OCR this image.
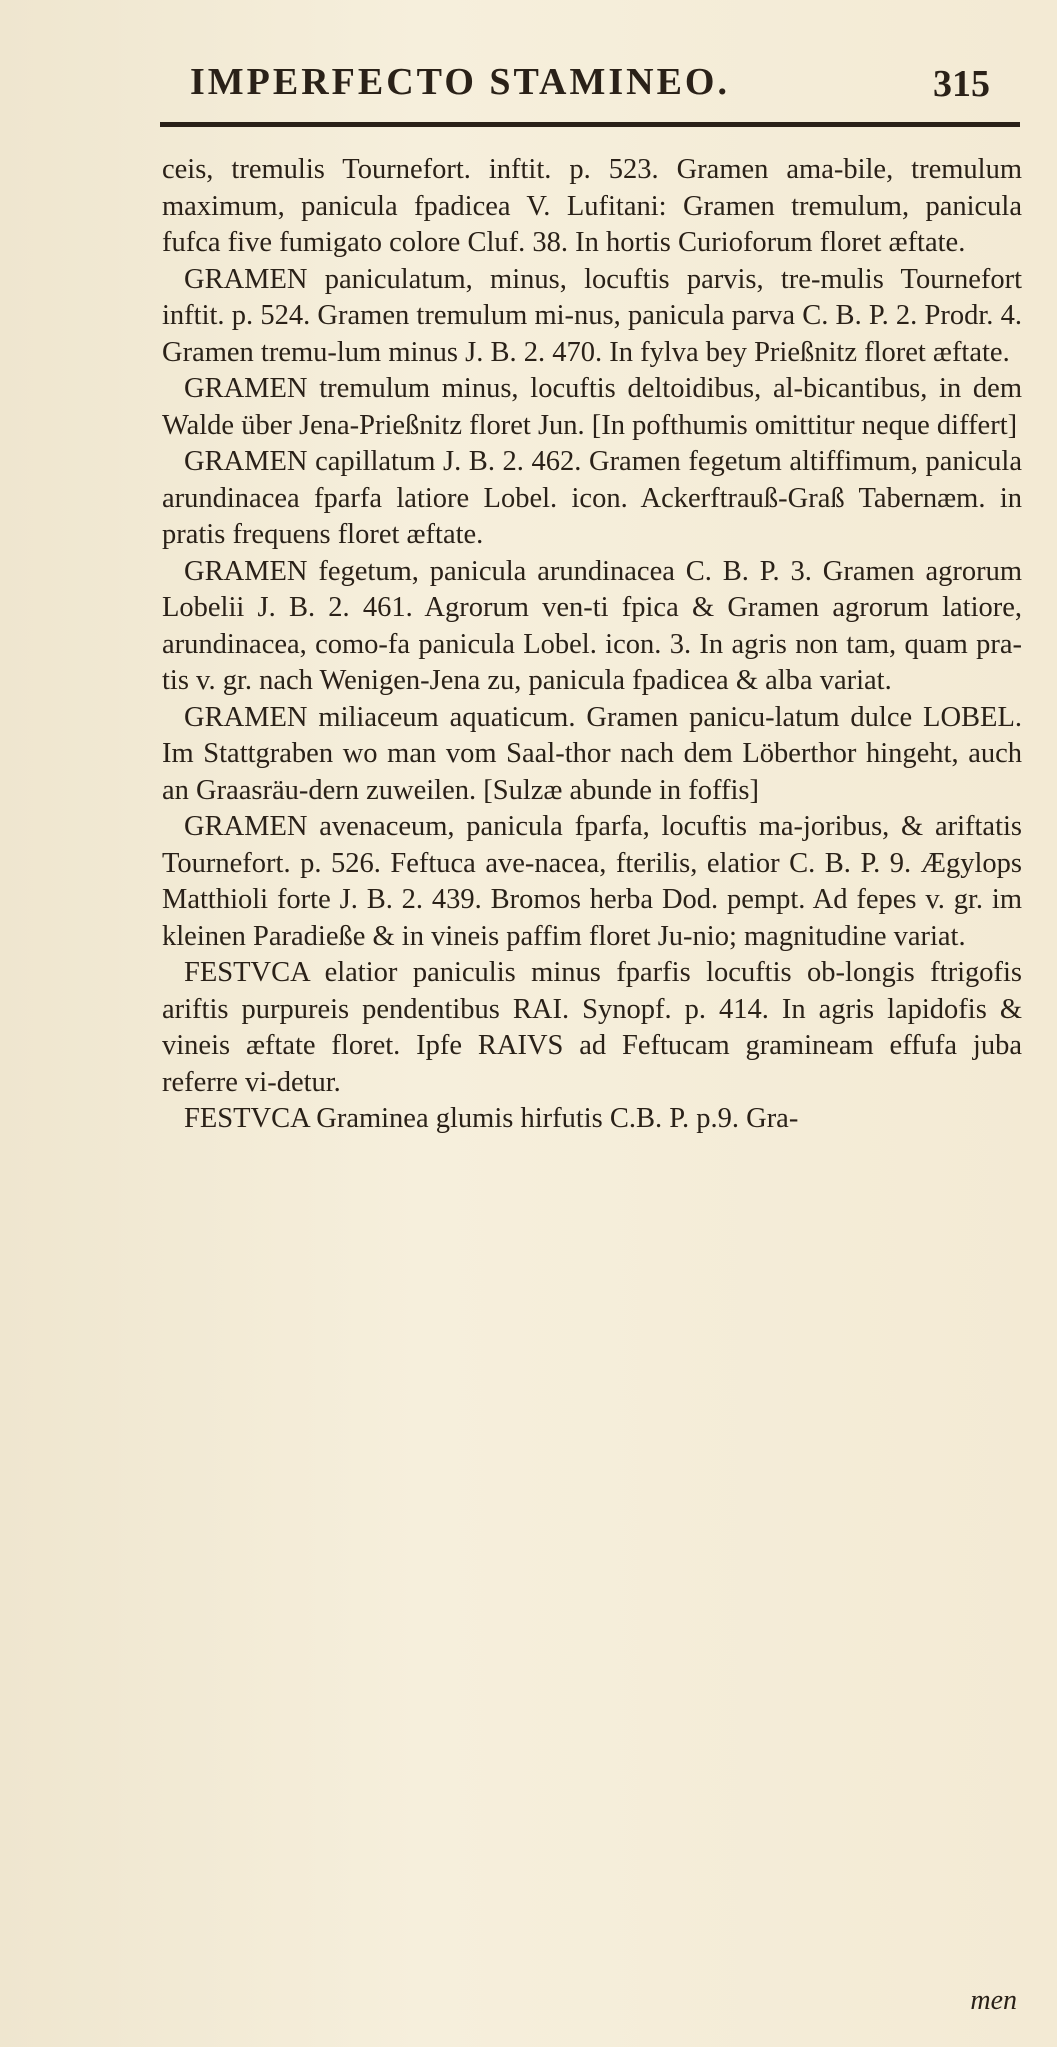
IMPERFECTO STAMINEO.	315

ceis, tremulis Tournefort. inftit. p. 523. Gramen ama-bile, tremulum maximum, panicula fpadicea V. Lufitani: Gramen tremulum, panicula fufca five fumigato colore Cluf. 38. In hortis Curioforum floret æftate.

GRAMEN paniculatum, minus, locuftis parvis, tre-mulis Tournefort inftit. p. 524. Gramen tremulum mi-nus, panicula parva C. B. P. 2. Prodr. 4. Gramen tremu-lum minus J. B. 2. 470. In fylva bey Prießnitz floret æftate.

GRAMEN tremulum minus, locuftis deltoidibus, al-bicantibus, in dem Walde über Jena-Prießnitz floret Jun. [In pofthumis omittitur neque differt]

GRAMEN capillatum J. B. 2. 462. Gramen fegetum altiffimum, panicula arundinacea fparfa latiore Lobel. icon. Ackerftrauß-Graß Tabernæm. in pratis frequens floret æftate.

GRAMEN fegetum, panicula arundinacea C. B. P. 3. Gramen agrorum Lobelii J. B. 2. 461. Agrorum ven-ti fpica & Gramen agrorum latiore, arundinacea, como-fa panicula Lobel. icon. 3. In agris non tam, quam pra-tis v. gr. nach Wenigen-Jena zu, panicula fpadicea & alba variat.

GRAMEN miliaceum aquaticum. Gramen panicu-latum dulce LOBEL. Im Stattgraben wo man vom Saal-thor nach dem Löberthor hingeht, auch an Graasräu-dern zuweilen. [Sulzæ abunde in foffis]

GRAMEN avenaceum, panicula fparfa, locuftis ma-joribus, & ariftatis Tournefort. p. 526. Feftuca ave-nacea, fterilis, elatior C. B. P. 9. Ægylops Matthioli forte J. B. 2. 439. Bromos herba Dod. pempt. Ad fepes v. gr. im kleinen Paradieße & in vineis paffim floret Ju-nio; magnitudine variat.

FESTVCA elatior paniculis minus fparfis locuftis ob-longis ftrigofis ariftis purpureis pendentibus RAI. Synopf. p. 414. In agris lapidofis & vineis æftate floret. Ipfe RAIVS ad Feftucam gramineam effufa juba referre vi-detur.

FESTVCA Graminea glumis hirfutis C.B. P. p.9. Gra-

men
